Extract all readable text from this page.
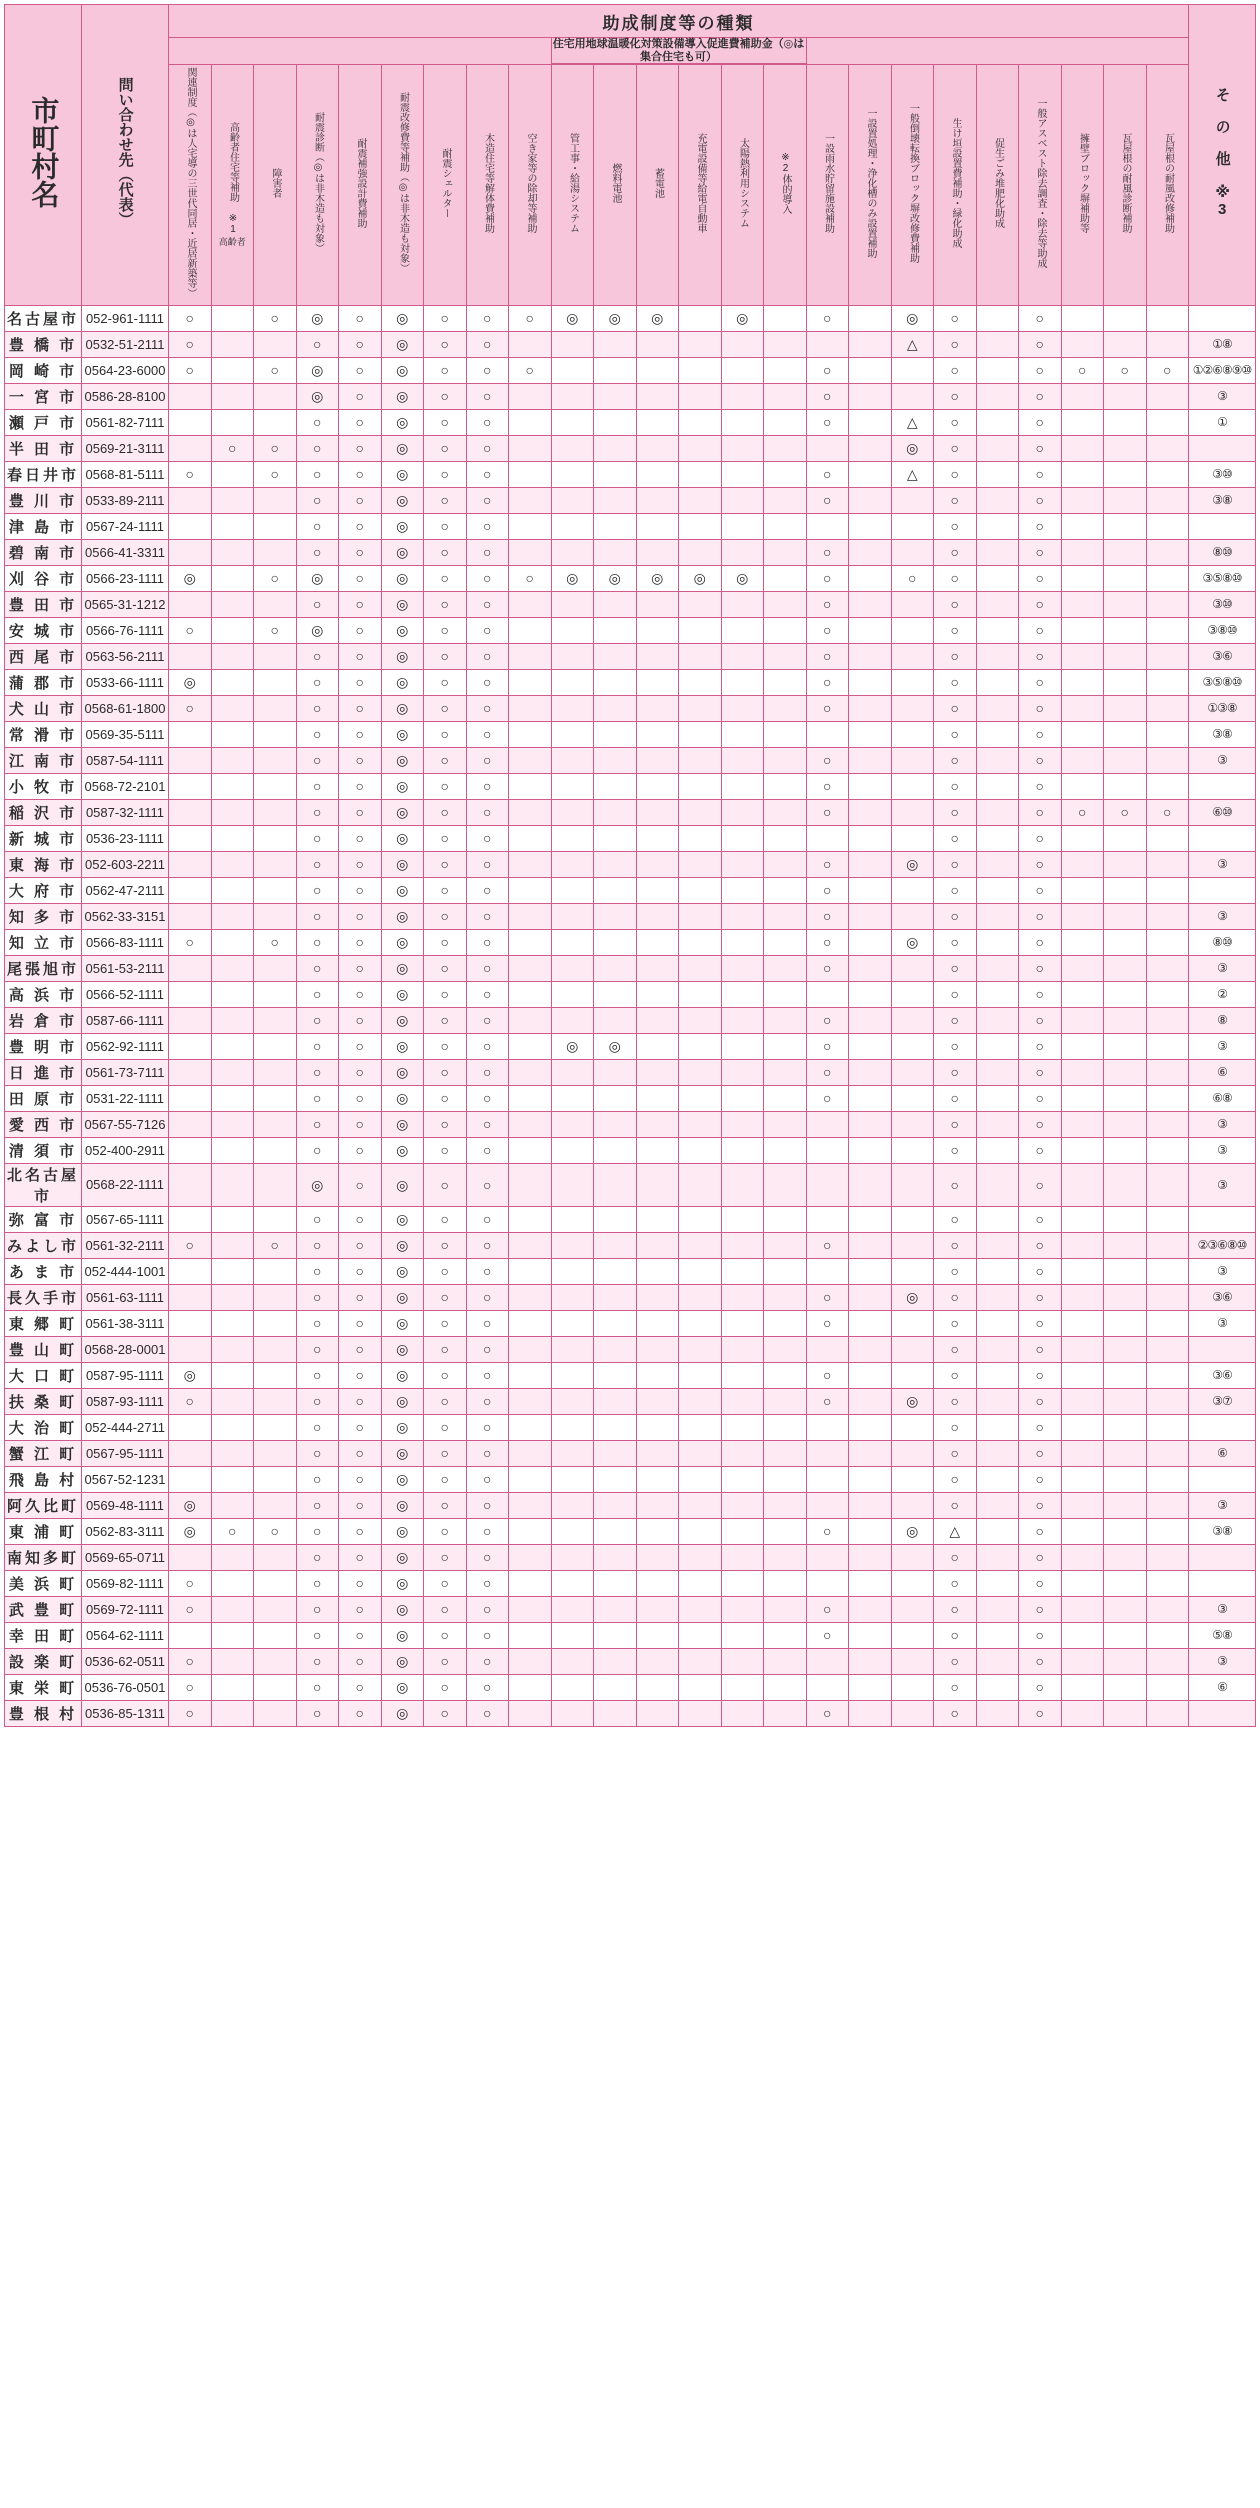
市町村名	問い合わせ先（代表）	助成制度等の種類																								そ の 他 ※3
											住宅用地球温暖化対策設備導入促進費補助金（◎は集合住宅も可）															

		関連制度（◎は人宅導の三世代同居・近居新築等）	高齢者住宅等補助 ※1
高齢者	障害者	耐震診断（◎は非木造も対象）	耐震補強設計費補助	耐震改修費等補助（◎は非木造も対象）	耐震シェルター	木造住宅等解体費補助	空き家等の除却等補助	管工事・給湯システム	燃料電池	蓄電池	充電設備等給電自動車	太陽熱利用システム	※2体的導入	一設雨水貯留施設補助	一設置処理・浄化槽のみ設置補助	一般倒壊転換ブロック塀改修費補助	生け垣設置費補助・緑化助成	促生ごみ堆肥化助成	一般アスベスト除去調査・除去等助成	擁壁ブロック塀補助等	瓦屋根の耐風診断補助	瓦屋根の耐風改修補助	
名古屋市	052-961-1111	○		○	◎	○	◎	○	○	○	◎	◎	◎		◎		○		◎	○		○				
豊 橋 市	0532-51-2111	○			○	○	◎	○	○										△	○		○				①⑧
岡 崎 市	0564-23-6000	○		○	◎	○	◎	○	○	○							○			○		○	○	○	○	①②⑥⑧⑨⑩
一 宮 市	0586-28-8100				◎	○	◎	○	○								○			○		○				③
瀬 戸 市	0561-82-7111				○	○	◎	○	○								○		△	○		○				①
半 田 市	0569-21-3111		○	○	○	○	◎	○	○										◎	○		○				
春日井市	0568-81-5111	○		○	○	○	◎	○	○								○		△	○		○				③⑩
豊 川 市	0533-89-2111				○	○	◎	○	○								○			○		○				③⑧
津 島 市	0567-24-1111				○	○	◎	○	○											○		○				
碧 南 市	0566-41-3311				○	○	◎	○	○								○			○		○				⑧⑩
刈 谷 市	0566-23-1111	◎		○	◎	○	◎	○	○	○	◎	◎	◎	◎	◎		○		○	○		○				③⑤⑧⑩
豊 田 市	0565-31-1212				○	○	◎	○	○								○			○		○				③⑩
安 城 市	0566-76-1111	○		○	◎	○	◎	○	○								○			○		○				③⑧⑩
西 尾 市	0563-56-2111				○	○	◎	○	○								○			○		○				③⑥
蒲 郡 市	0533-66-1111	◎			○	○	◎	○	○								○			○		○				③⑤⑧⑩
犬 山 市	0568-61-1800	○			○	○	◎	○	○								○			○		○				①③⑧
常 滑 市	0569-35-5111				○	○	◎	○	○											○		○				③⑧
江 南 市	0587-54-1111				○	○	◎	○	○								○			○		○				③
小 牧 市	0568-72-2101				○	○	◎	○	○								○			○		○				
稲 沢 市	0587-32-1111				○	○	◎	○	○								○			○		○	○	○	○	⑥⑩
新 城 市	0536-23-1111				○	○	◎	○	○											○		○				
東 海 市	052-603-2211				○	○	◎	○	○								○		◎	○		○				③
大 府 市	0562-47-2111				○	○	◎	○	○								○			○		○				
知 多 市	0562-33-3151				○	○	◎	○	○								○			○		○				③
知 立 市	0566-83-1111	○		○	○	○	◎	○	○								○		◎	○		○				⑧⑩
尾張旭市	0561-53-2111				○	○	◎	○	○								○			○		○				③
高 浜 市	0566-52-1111				○	○	◎	○	○											○		○				②
岩 倉 市	0587-66-1111				○	○	◎	○	○								○			○		○				⑧
豊 明 市	0562-92-1111				○	○	◎	○	○		◎	◎					○			○		○				③
日 進 市	0561-73-7111				○	○	◎	○	○								○			○		○				⑥
田 原 市	0531-22-1111				○	○	◎	○	○								○			○		○				⑥⑧
愛 西 市	0567-55-7126				○	○	◎	○	○											○		○				③
清 須 市	052-400-2911				○	○	◎	○	○											○		○				③
北名古屋市	0568-22-1111				◎	○	◎	○	○											○		○				③
弥 富 市	0567-65-1111				○	○	◎	○	○											○		○				
みよし市	0561-32-2111	○		○	○	○	◎	○	○								○			○		○				②③⑥⑧⑩
あ ま 市	052-444-1001				○	○	◎	○	○											○		○				③
長久手市	0561-63-1111				○	○	◎	○	○								○		◎	○		○				③⑥
東 郷 町	0561-38-3111				○	○	◎	○	○								○			○		○				③
豊 山 町	0568-28-0001				○	○	◎	○	○											○		○				
大 口 町	0587-95-1111	◎			○	○	◎	○	○								○			○		○				③⑥
扶 桑 町	0587-93-1111	○			○	○	◎	○	○								○		◎	○		○				③⑦
大 治 町	052-444-2711				○	○	◎	○	○											○		○				
蟹 江 町	0567-95-1111				○	○	◎	○	○											○		○				⑥
飛 島 村	0567-52-1231				○	○	◎	○	○											○		○				
阿久比町	0569-48-1111	◎			○	○	◎	○	○											○		○				③
東 浦 町	0562-83-3111	◎	○	○	○	○	◎	○	○								○		◎	△		○				③⑧
南知多町	0569-65-0711				○	○	◎	○	○											○		○				
美 浜 町	0569-82-1111	○			○	○	◎	○	○											○		○				
武 豊 町	0569-72-1111	○			○	○	◎	○	○								○			○		○				③
幸 田 町	0564-62-1111				○	○	◎	○	○								○			○		○				⑤⑧
設 楽 町	0536-62-0511	○			○	○	◎	○	○											○		○				③
東 栄 町	0536-76-0501	○			○	○	◎	○	○											○		○				⑥
豊 根 村	0536-85-1311	○			○	○	◎	○	○								○			○		○				
